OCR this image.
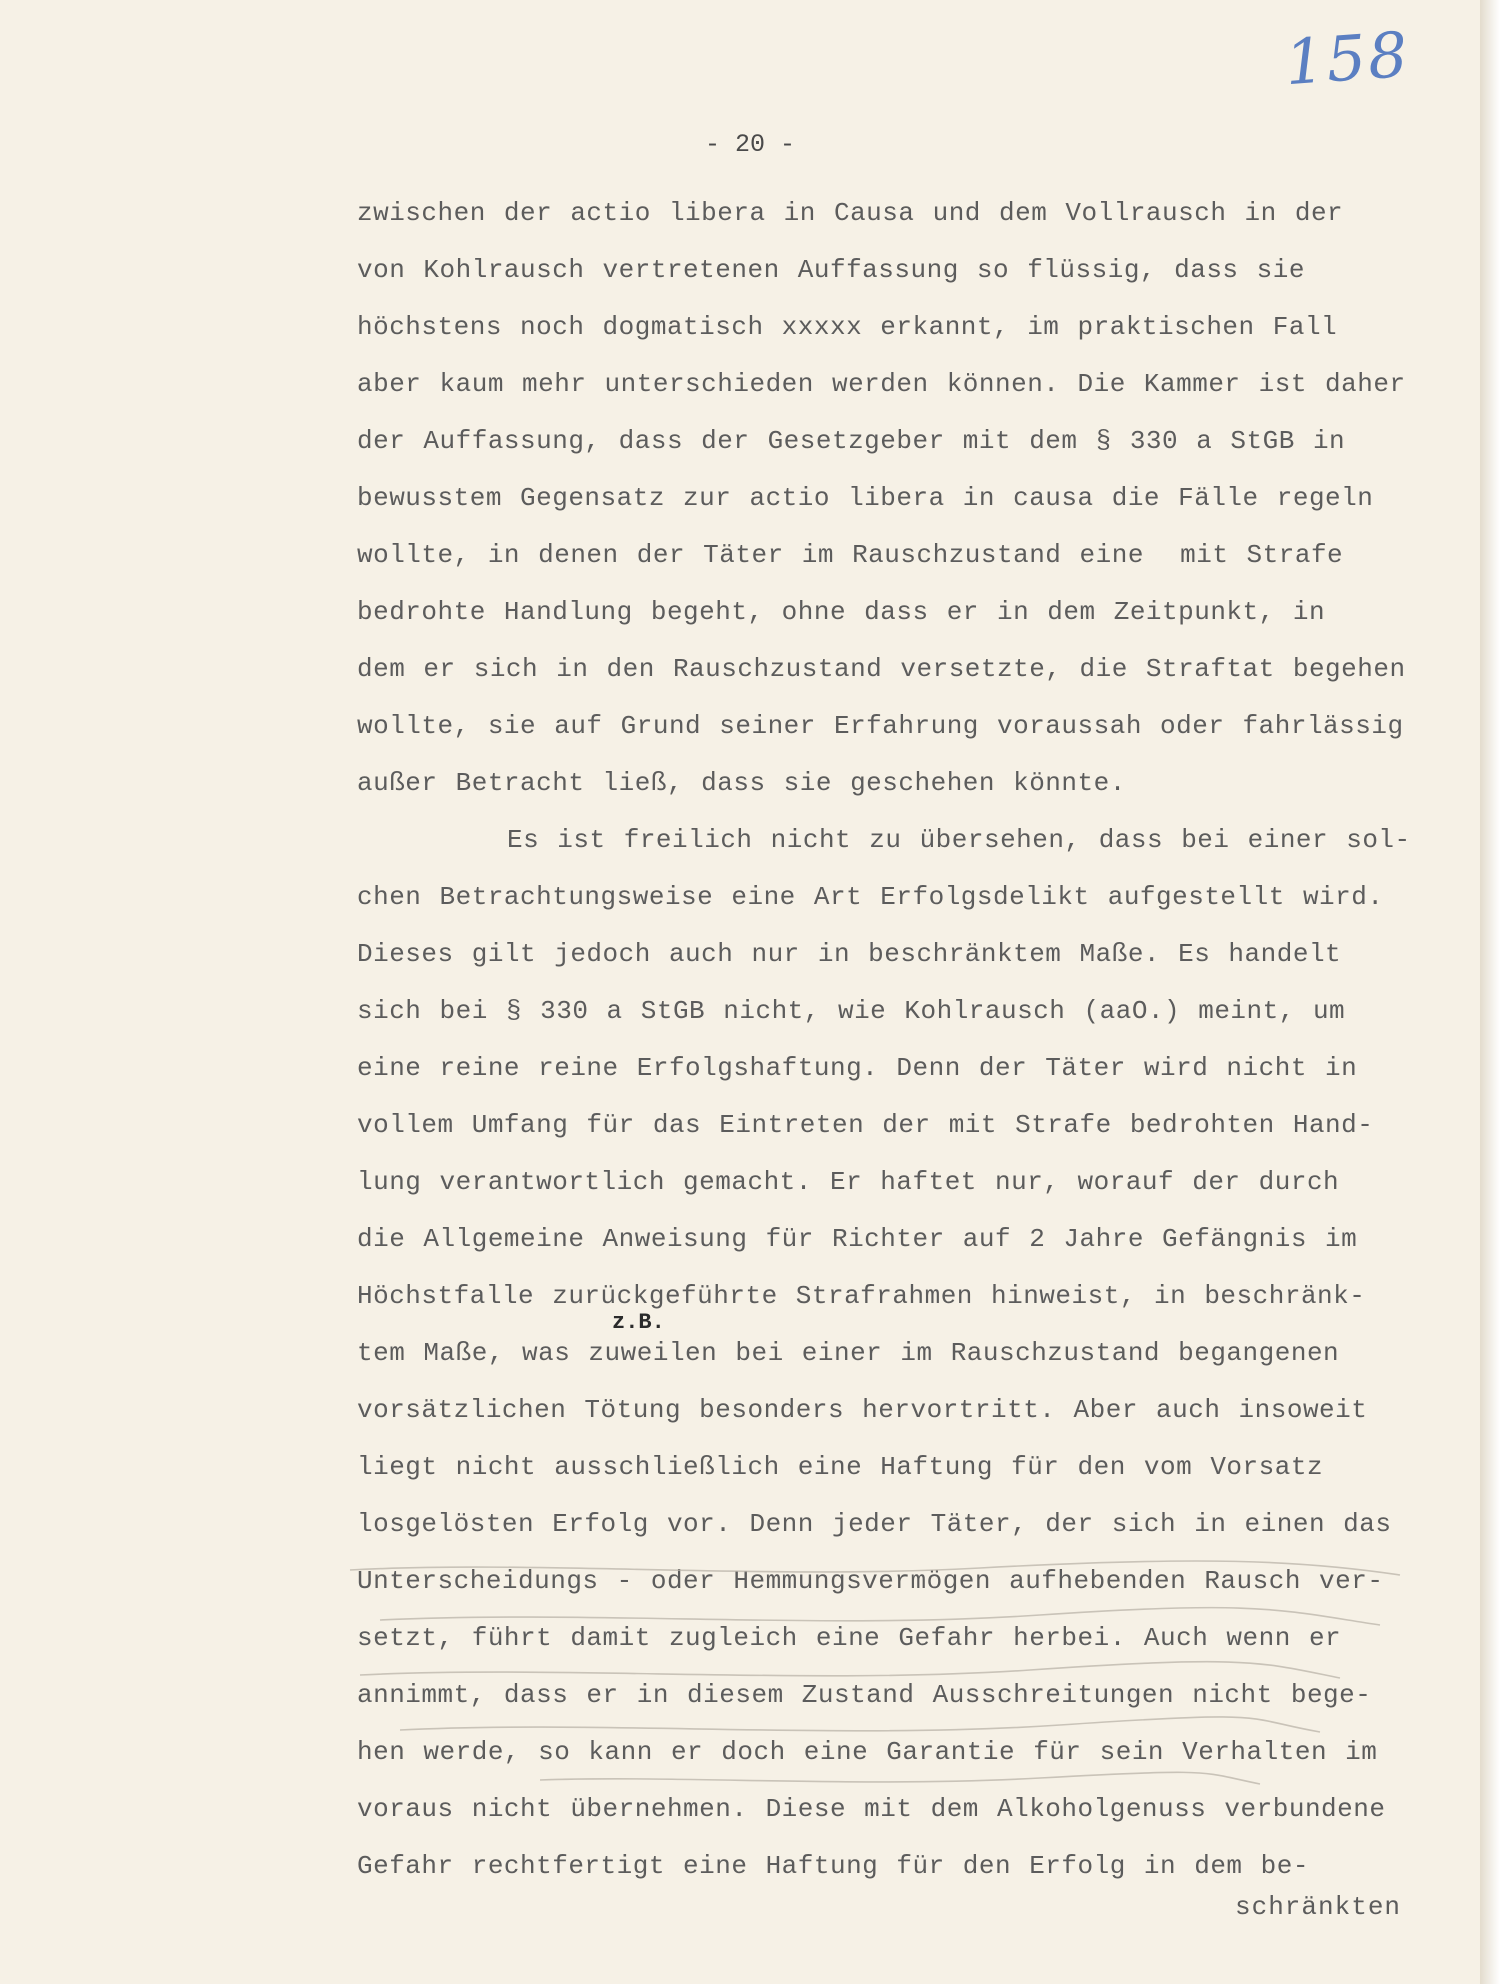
158
- 20 -
zwischen der actio libera in Causa und dem Vollrausch in der
von Kohlrausch vertretenen Auffassung so flüssig, dass sie
höchstens noch dogmatisch xxxxx erkannt, im praktischen Fall
aber kaum mehr unterschieden werden können. Die Kammer ist daher
der Auffassung, dass der Gesetzgeber mit dem § 330 a StGB in
bewusstem Gegensatz zur actio libera in causa die Fälle regeln
wollte, in denen der Täter im Rauschzustand eine  mit Strafe
bedrohte Handlung begeht, ohne dass er in dem Zeitpunkt, in
dem er sich in den Rauschzustand versetzte, die Straftat begehen
wollte, sie auf Grund seiner Erfahrung voraussah oder fahrlässig
außer Betracht ließ, dass sie geschehen könnte.
Es ist freilich nicht zu übersehen, dass bei einer sol-
chen Betrachtungsweise eine Art Erfolgsdelikt aufgestellt wird.
Dieses gilt jedoch auch nur in beschränktem Maße. Es handelt
sich bei § 330 a StGB nicht, wie Kohlrausch (aaO.) meint, um
eine reine reine Erfolgshaftung. Denn der Täter wird nicht in
vollem Umfang für das Eintreten der mit Strafe bedrohten Hand-
lung verantwortlich gemacht. Er haftet nur, worauf der durch
die Allgemeine Anweisung für Richter auf 2 Jahre Gefängnis im
Höchstfalle zurückgeführte Strafrahmen hinweist, in beschränk-
tem Maße, was zuweilen bei einer im Rauschzustand begangenen
vorsätzlichen Tötung besonders hervortritt. Aber auch insoweit
liegt nicht ausschließlich eine Haftung für den vom Vorsatz
losgelösten Erfolg vor. Denn jeder Täter, der sich in einen das
Unterscheidungs - oder Hemmungsvermögen aufhebenden Rausch ver-
setzt, führt damit zugleich eine Gefahr herbei. Auch wenn er
annimmt, dass er in diesem Zustand Ausschreitungen nicht bege-
hen werde, so kann er doch eine Garantie für sein Verhalten im
voraus nicht übernehmen. Diese mit dem Alkoholgenuss verbundene
Gefahr rechtfertigt eine Haftung für den Erfolg in dem be-
z.B.
schränkten
